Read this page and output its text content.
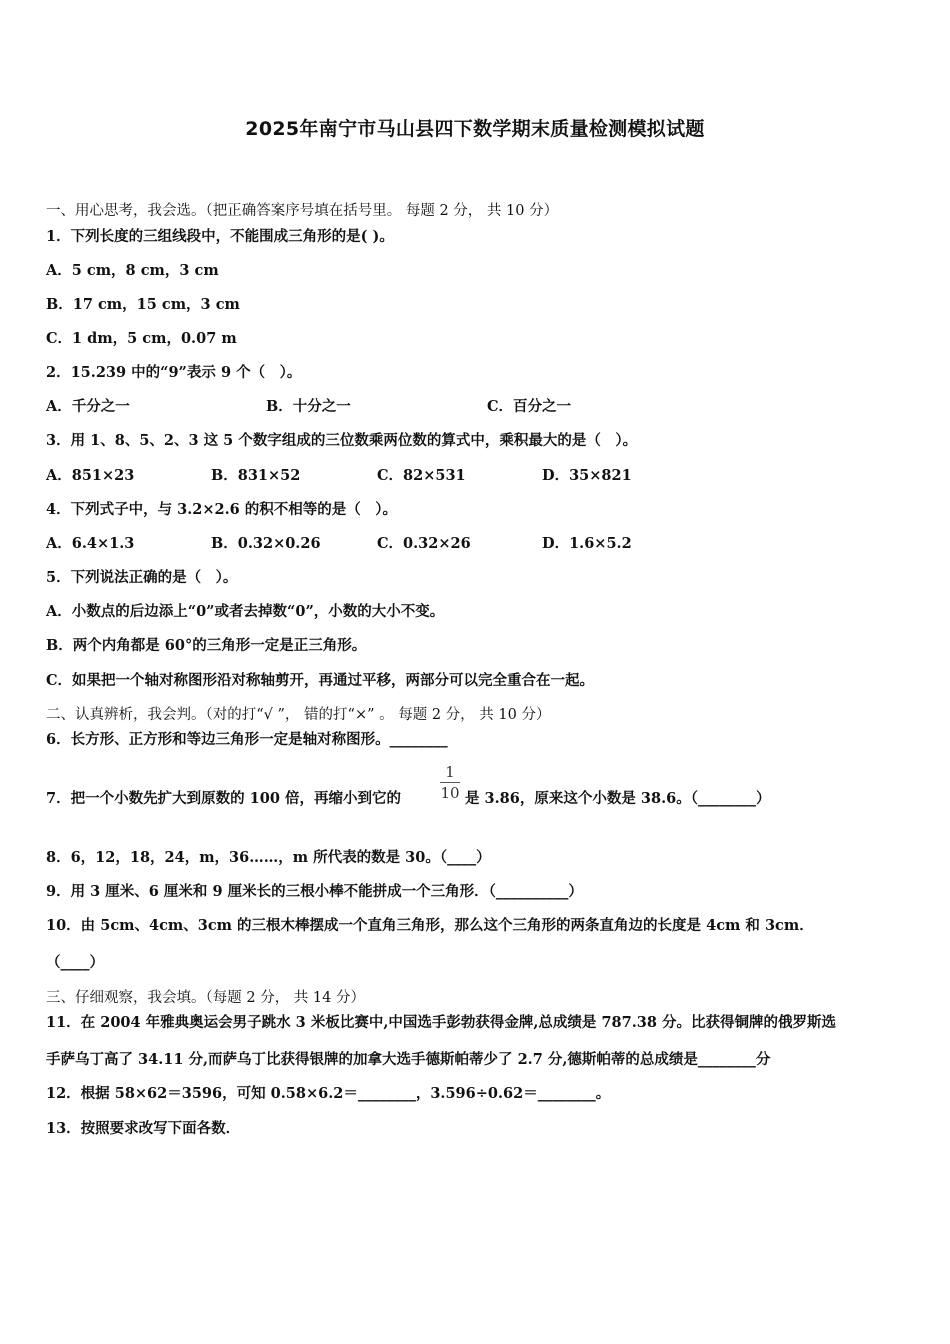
2025年南宁市马山县四下数学期末质量检测模拟试题
一、用心思考，我会选。（把正确答案序号填在括号里。 每题 2 分， 共 10 分）
1．下列长度的三组线段中，不能围成三角形的是( )。
A．5 cm，8 cm，3 cm
B．17 cm，15 cm，3 cm
C．1 dm，5 cm，0.07 m
2．15.239 中的“9”表示 9 个（　）。
A．千分之一	B．十分之一	C．百分之一
3．用 1、8、5、2、3 这 5 个数字组成的三位数乘两位数的算式中，乘积最大的是（　）。
A．851×23	B．831×52	C．82×531	D．35×821
4．下列式子中，与 3.2×2.6 的积不相等的是（　）。
A．6.4×1.3	B．0.32×0.26	C．0.32×26	D．1.6×5.2
5．下列说法正确的是（　）。
A．小数点的后边添上“0”或者去掉数“0”，小数的大小不变。
B．两个内角都是 60°的三角形一定是正三角形。
C．如果把一个轴对称图形沿对称轴剪开，再通过平移，两部分可以完全重合在一起。
二、认真辨析，我会判。（对的打“√ ”， 错的打“×” 。 每题 2 分， 共 10 分）
6．长方形、正方形和等边三角形一定是轴对称图形。________
7．把一个小数先扩大到原数的 100 倍，再缩小到它的
1
10 是 3.86，原来这个小数是 38.6。（________）
8．6，12，18，24，m，36……，m 所代表的数是 30。（____）
9．用 3 厘米、6 厘米和 9 厘米长的三根小棒不能拼成一个三角形．（__________）
10．由 5cm、4cm、3cm 的三根木棒摆成一个直角三角形，那么这个三角形的两条直角边的长度是 4cm 和 3cm．
（____）
三、仔细观察，我会填。（每题 2 分， 共 14 分）
11．在 2004 年雅典奥运会男子跳水 3 米板比赛中,中国选手彭勃获得金牌,总成绩是 787.38 分。比获得铜牌的俄罗斯选
手萨乌丁高了 34.11 分,而萨乌丁比获得银牌的加拿大选手德斯帕蒂少了 2.7 分,德斯帕蒂的总成绩是________分
12．根据 58×62＝3596，可知 0.58×6.2＝________，3.596÷0.62＝________。
13．按照要求改写下面各数．
